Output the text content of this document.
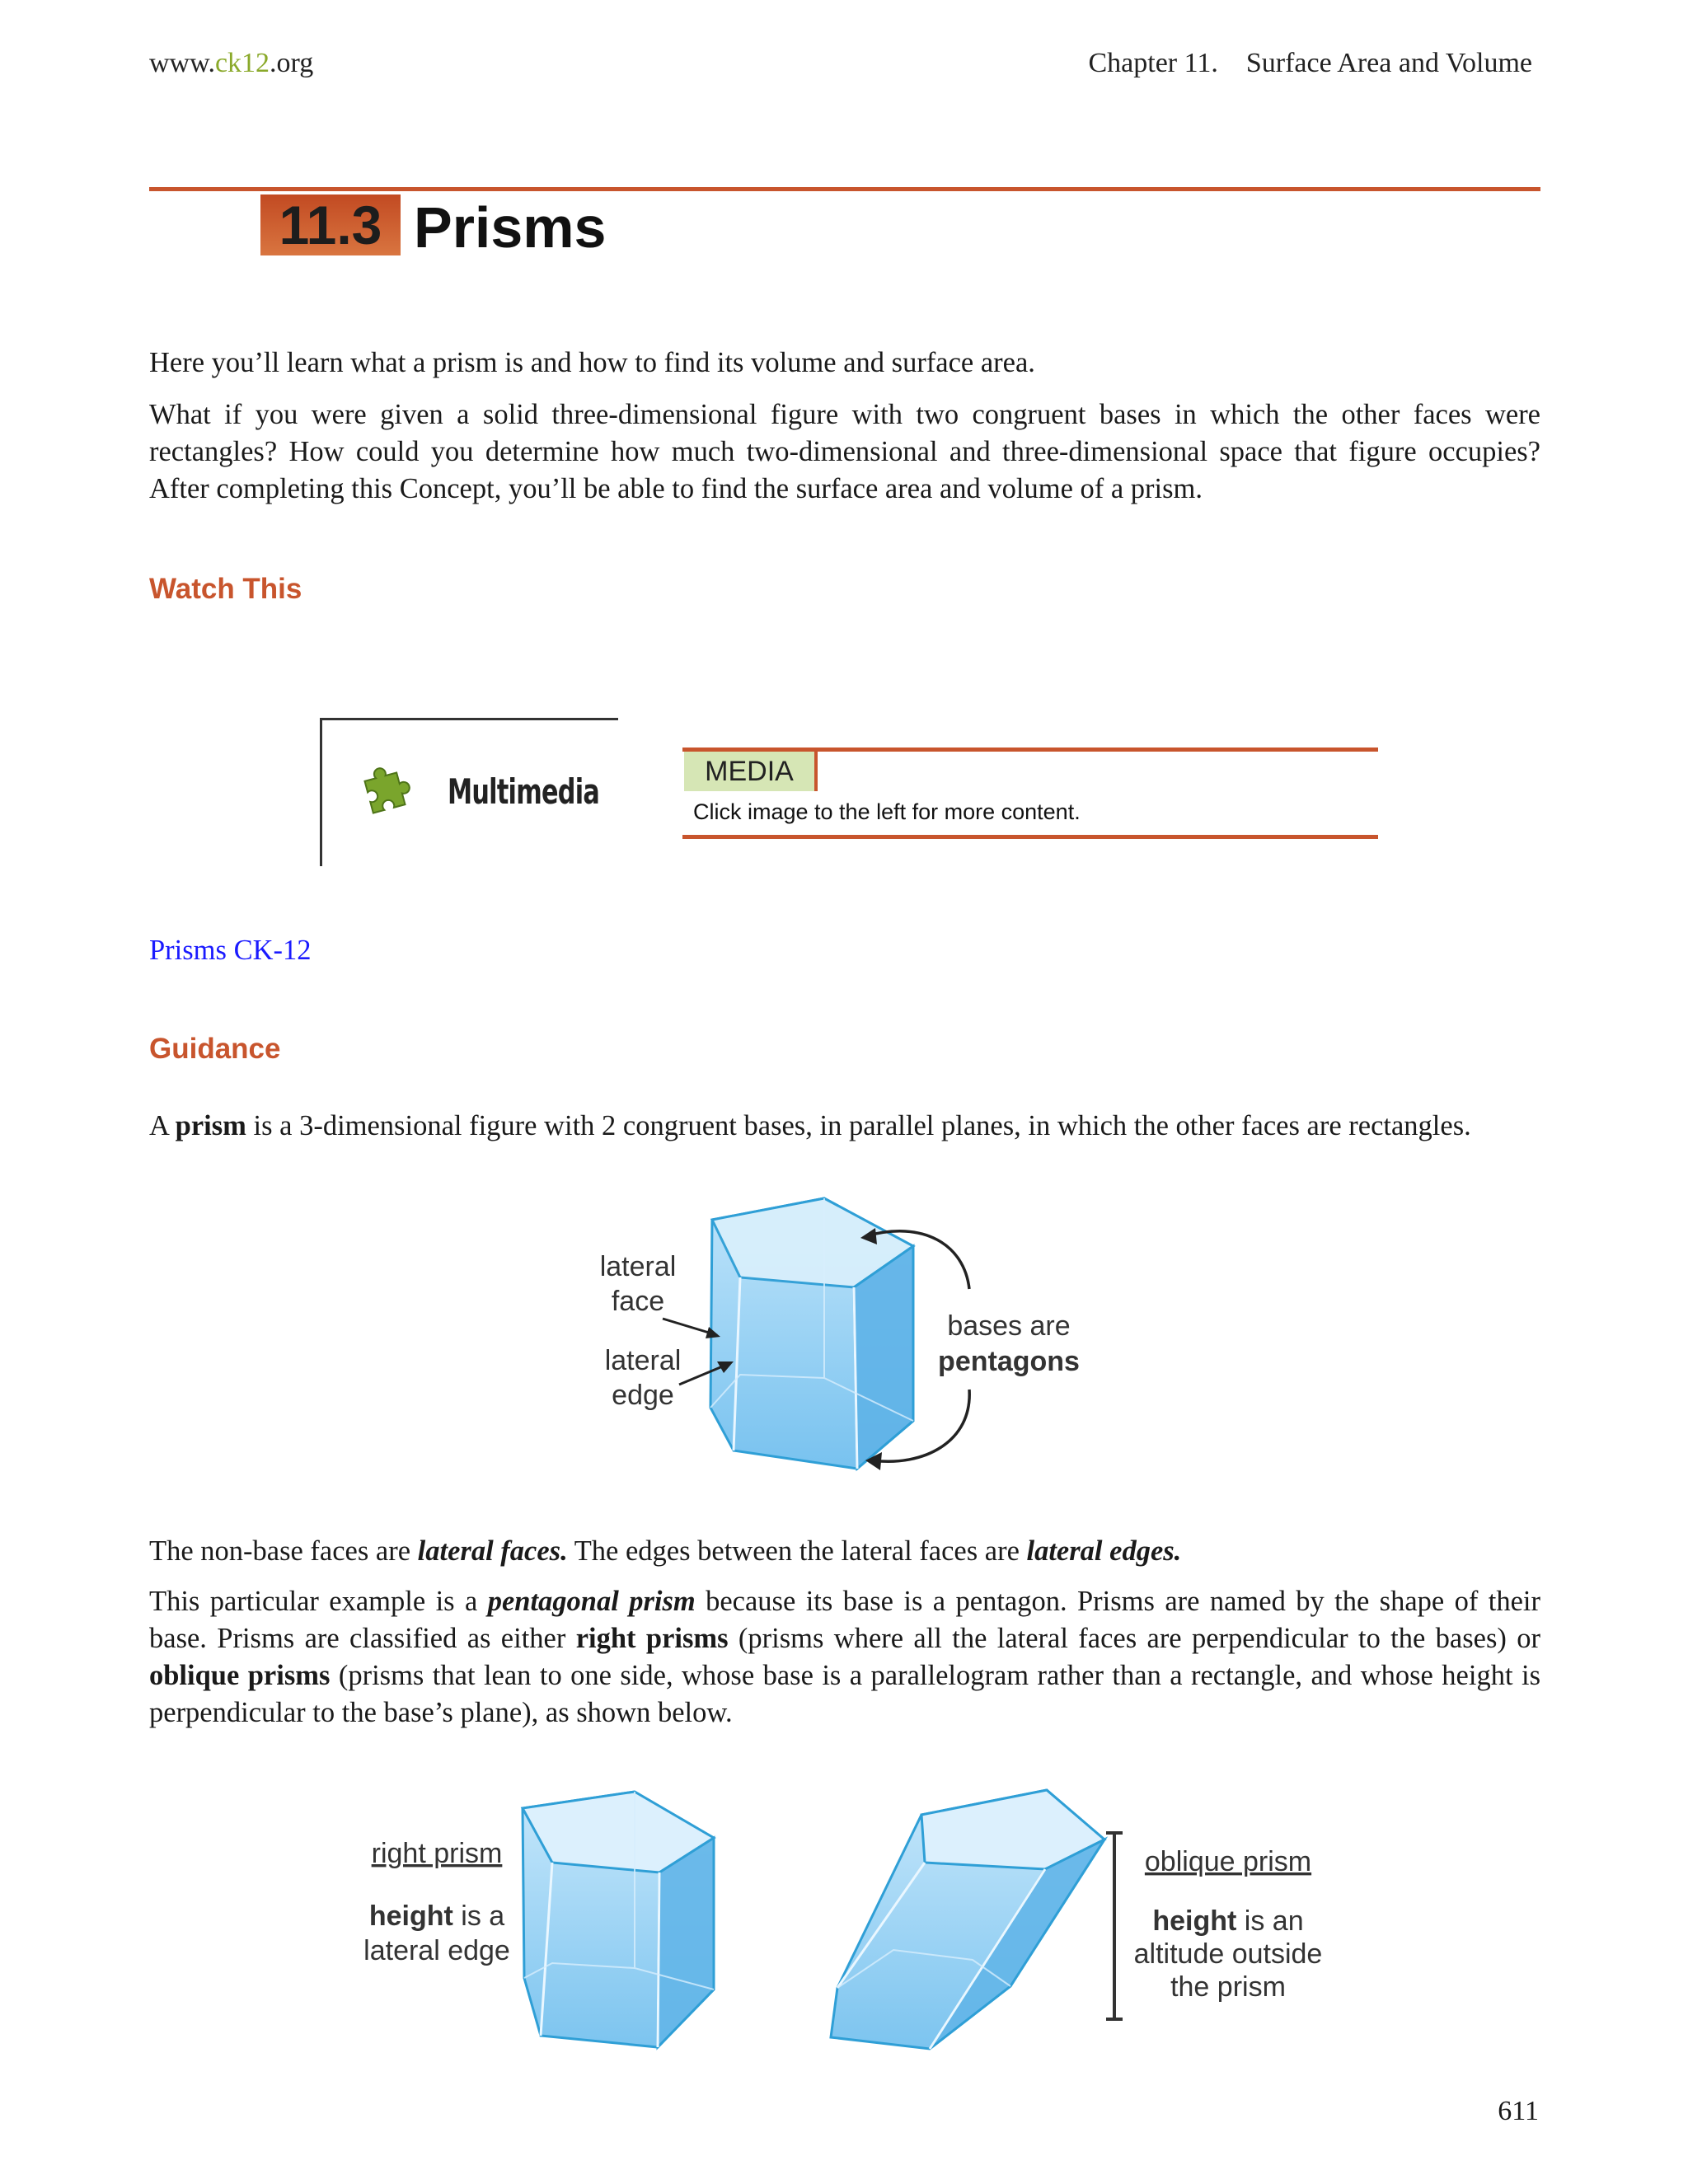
www.ck12.org	Chapter 11.    Surface Area and Volume
11.3 Prisms

Here you’ll learn what a prism is and how to find its volume and surface area.

What if you were given a solid three-dimensional figure with two congruent bases in which the other faces were rectangles? How could you determine how much two-dimensional and three-dimensional space that figure occupies? After completing this Concept, you’ll be able to find the surface area and volume of a prism.

Watch This
Multimedia	MEDIA
Click image to the left for more content.
Prisms CK-12
Guidance

A prism is a 3-dimensional figure with 2 congruent bases, in parallel planes, in which the other faces are rectangles.

lateral
face
lateral
edge
bases are
pentagons

The non-base faces are lateral faces. The edges between the lateral faces are lateral edges.

This particular example is a pentagonal prism because its base is a pentagon. Prisms are named by the shape of their base. Prisms are classified as either right prisms (prisms where all the lateral faces are perpendicular to the bases) or oblique prisms (prisms that lean to one side, whose base is a parallelogram rather than a rectangle, and whose height is perpendicular to the base’s plane), as shown below.

right prism
height is a
lateral edge
oblique prism
height is an
altitude outside
the prism
611
